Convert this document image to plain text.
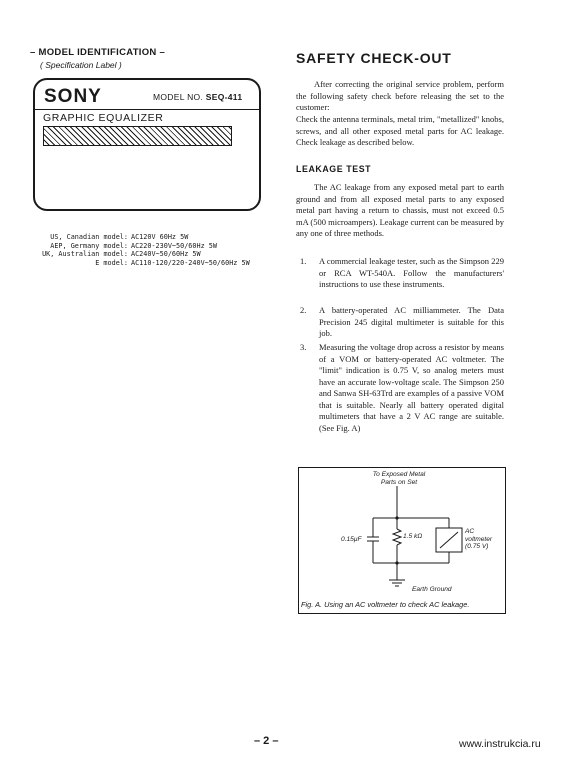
– MODEL IDENTIFICATION –
( Specification Label )
SONY	MODEL NO. SEQ-411
GRAPHIC EQUALIZER
US, Canadian model: AC120V 60Hz 5W
AEP, Germany model: AC220-230V~50/60Hz 5W
UK, Australian model: AC240V~50/60Hz 5W
E model: AC110-120/220-240V~50/60Hz 5W
SAFETY CHECK-OUT
After correcting the original service problem, perform the following safety check before releasing the set to the customer:
Check the antenna terminals, metal trim, "metallized" knobs, screws, and all other exposed metal parts for AC leakage. Check leakage as described below.
LEAKAGE TEST
The AC leakage from any exposed metal part to earth ground and from all exposed metal parts to any exposed metal part having a return to chassis, must not exceed 0.5 mA (500 microampers). Leakage current can be measured by any one of three methods.
1.	A commercial leakage tester, such as the Simpson 229 or RCA WT-540A. Follow the manufacturers' instructions to use these instruments.
2.	A battery-operated AC milliammeter. The Data Precision 245 digital multimeter is suitable for this job.
3.	Measuring the voltage drop across a resistor by means of a VOM or battery-operated AC voltmeter. The "limit" indication is 0.75 V, so analog meters must have an accurate low-voltage scale. The Simpson 250 and Sanwa SH-63Trd are examples of a passive VOM that is suitable. Nearly all battery operated digital multimeters that have a 2 V AC range are suitable. (See Fig. A)
To Exposed Metal
Parts on Set
0.15μF	1.5 kΩ
AC
voltmeter
(0.75 V)
Earth Ground
Fig. A. Using an AC voltmeter to check AC leakage.
– 2 –	www.instrukcia.ru
